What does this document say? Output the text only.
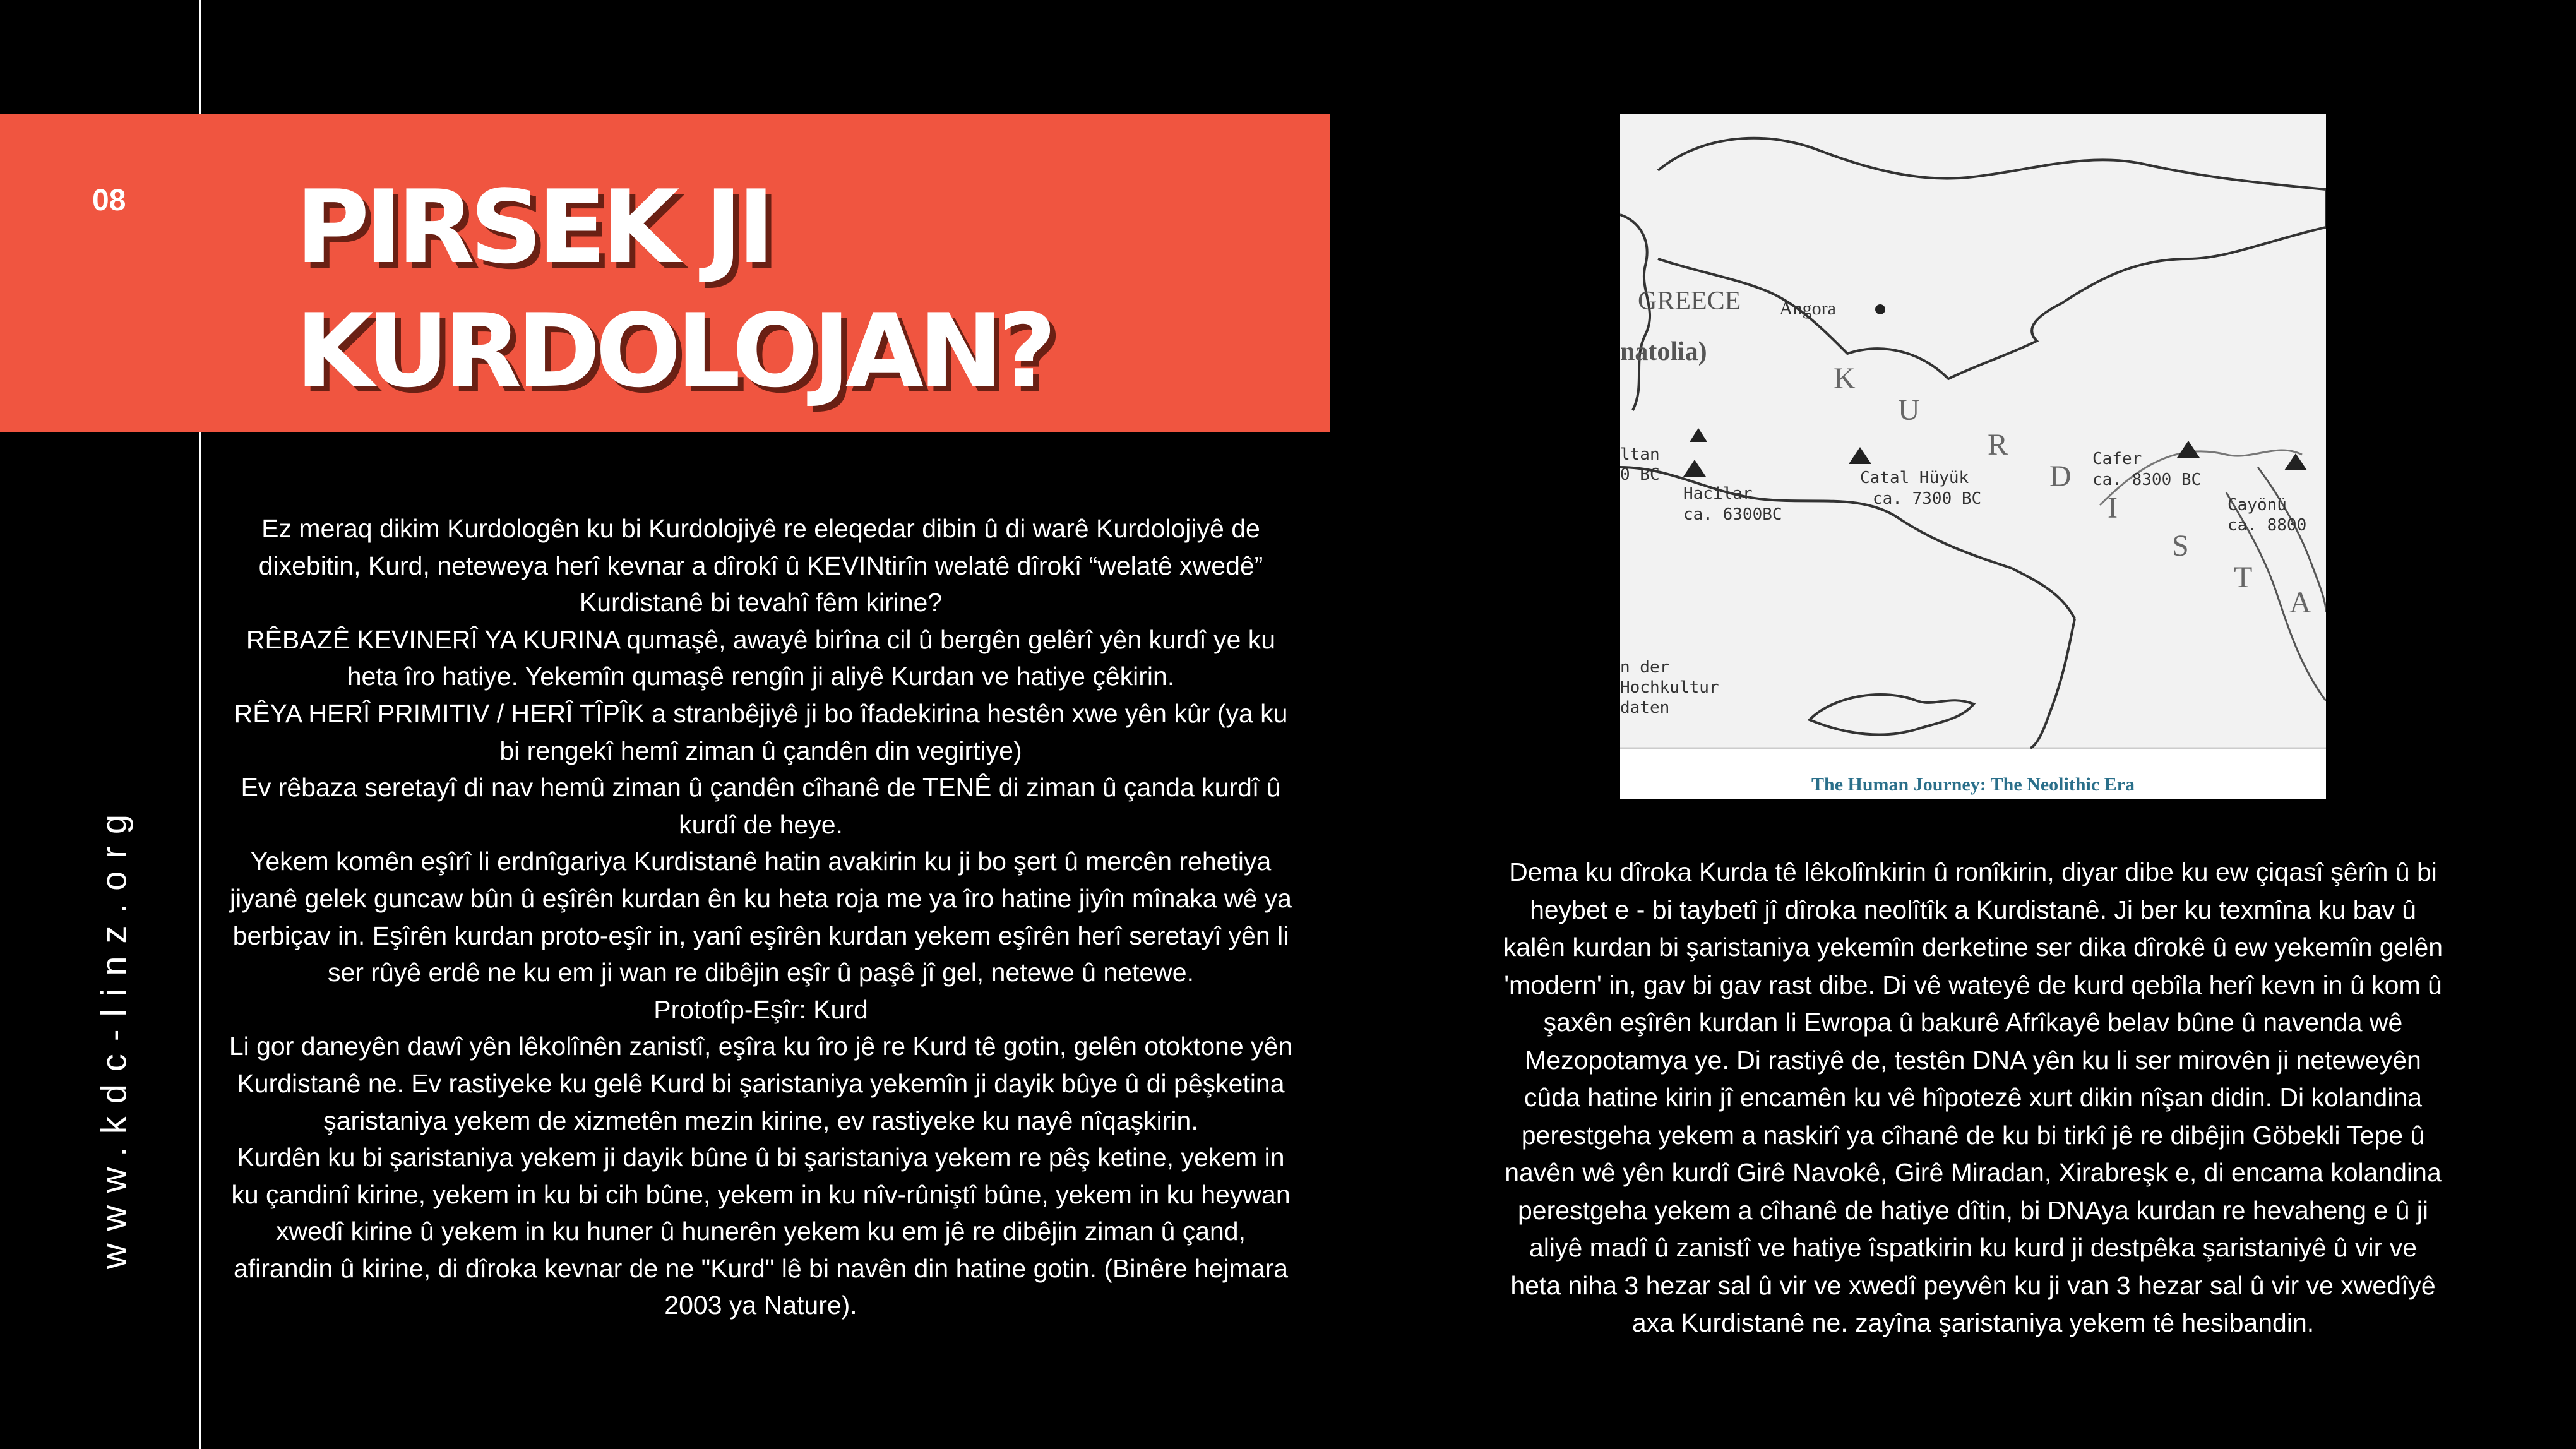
08 PIRSEK JI
KURDOLOJAN?
www.kdc-linz.org

Ez meraq dikim Kurdologên ku bi Kurdolojiyê re eleqedar dibin û di warê Kurdolojiyê de dixebitin, Kurd, neteweya herî kevnar a dîrokî û KEVINtirîn welatê dîrokî “welatê xwedê” Kurdistanê bi tevahî fêm kirine?

RÊBAZÊ KEVINERÎ YA KURINA qumaşê, awayê birîna cil û bergên gelêrî yên kurdî ye ku heta îro hatiye. Yekemîn qumaşê rengîn ji aliyê Kurdan ve hatiye çêkirin.

RÊYA HERÎ PRIMITIV / HERÎ TÎPÎK a stranbêjiyê ji bo îfadekirina hestên xwe yên kûr (ya ku bi rengekî hemî ziman û çandên din vegirtiye)

Ev rêbaza seretayî di nav hemû ziman û çandên cîhanê de TENÊ di ziman û çanda kurdî û kurdî de heye.

Yekem komên eşîrî li erdnîgariya Kurdistanê hatin avakirin ku ji bo şert û mercên rehetiya jiyanê gelek guncaw bûn û eşîrên kurdan ên ku heta roja me ya îro hatine jiyîn mînaka wê ya berbiçav in. Eşîrên kurdan proto-eşîr in, yanî eşîrên kurdan yekem eşîrên herî seretayî yên li ser rûyê erdê ne ku em ji wan re dibêjin eşîr û paşê jî gel, netewe û netewe.

Prototîp-Eşîr: Kurd

Li gor daneyên dawî yên lêkolînên zanistî, eşîra ku îro jê re Kurd tê gotin, gelên otoktone yên Kurdistanê ne. Ev rastiyeke ku gelê Kurd bi şaristaniya yekemîn ji dayik bûye û di pêşketina şaristaniya yekem de xizmetên mezin kirine, ev rastiyeke ku nayê nîqaşkirin.

Kurdên ku bi şaristaniya yekem ji dayik bûne û bi şaristaniya yekem re pêş ketine, yekem in ku çandinî kirine, yekem in ku bi cih bûne, yekem in ku nîv-rûniştî bûne, yekem in ku heywan xwedî kirine û yekem in ku huner û hunerên yekem ku em jê re dibêjin ziman û çand, afirandin û kirine, di dîroka kevnar de ne "Kurd" lê bi navên din hatine gotin. (Binêre hejmara 2003 ya Nature).

GREECE
natolia)
Angora
K
U
R
D
I
S
T
A
Catal Hüyük
ca. 7300 BC
Hacilar
ca. 6300BC
Cafer
ca. 8300 BC
Cayönü
ca. 8800
ltan
0 BC
n der
Hochkultur
daten
The Human Journey: The Neolithic Era

Dema ku dîroka Kurda tê lêkolînkirin û ronîkirin, diyar dibe ku ew çiqasî şêrîn û bi heybet e - bi taybetî jî dîroka neolîtîk a Kurdistanê. Ji ber ku texmîna ku bav û kalên kurdan bi şaristaniya yekemîn derketine ser dika dîrokê û ew yekemîn gelên 'modern' in, gav bi gav rast dibe. Di vê wateyê de kurd qebîla herî kevn in û kom û şaxên eşîrên kurdan li Ewropa û bakurê Afrîkayê belav bûne û navenda wê Mezopotamya ye. Di rastiyê de, testên DNA yên ku li ser mirovên ji neteweyên cûda hatine kirin jî encamên ku vê hîpotezê xurt dikin nîşan didin. Di kolandina perestgeha yekem a naskirî ya cîhanê de ku bi tirkî jê re dibêjin Göbekli Tepe û navên wê yên kurdî Girê Navokê, Girê Miradan, Xirabreşk e, di encama kolandina perestgeha yekem a cîhanê de hatiye dîtin, bi DNAya kurdan re hevaheng e û ji aliyê madî û zanistî ve hatiye îspatkirin ku kurd ji destpêka şaristaniyê û vir ve heta niha 3 hezar sal û vir ve xwedî peyvên ku ji van 3 hezar sal û vir ve xwedîyê axa Kurdistanê ne. zayîna şaristaniya yekem tê hesibandin.
